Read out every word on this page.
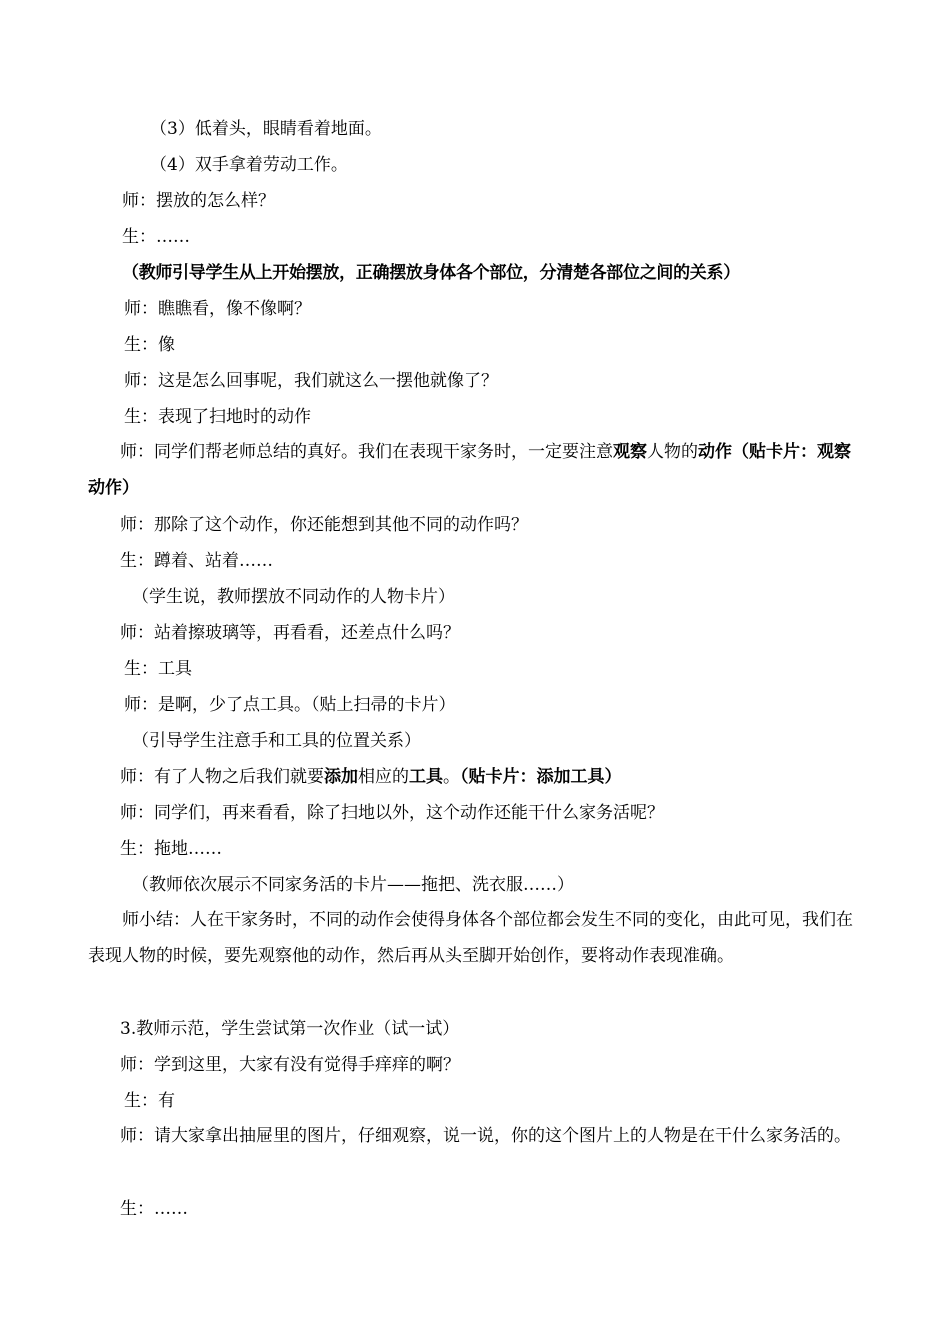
（3）低着头，眼睛看着地面。
（4）双手拿着劳动工作。
师：摆放的怎么样？
生：……
（教师引导学生从上开始摆放，正确摆放身体各个部位，分清楚各部位之间的关系）
师：瞧瞧看，像不像啊？
生：像
师：这是怎么回事呢，我们就这么一摆他就像了？
生：表现了扫地时的动作
师：同学们帮老师总结的真好。我们在表现干家务时，一定要注意观察人物的动作（贴卡片：观察动作）
师：那除了这个动作，你还能想到其他不同的动作吗？
生：蹲着、站着……
（学生说，教师摆放不同动作的人物卡片）
师：站着擦玻璃等，再看看，还差点什么吗？
生：工具
师：是啊，少了点工具。（贴上扫帚的卡片）
（引导学生注意手和工具的位置关系）
师：有了人物之后我们就要添加相应的工具。（贴卡片：添加工具）
师：同学们，再来看看，除了扫地以外，这个动作还能干什么家务活呢？
生：拖地……
（教师依次展示不同家务活的卡片——拖把、洗衣服……）
师小结：人在干家务时，不同的动作会使得身体各个部位都会发生不同的变化，由此可见，我们在表现人物的时候，要先观察他的动作，然后再从头至脚开始创作，要将动作表现准确。
3.教师示范，学生尝试第一次作业（试一试）
师：学到这里，大家有没有觉得手痒痒的啊？
生：有
师：请大家拿出抽屉里的图片，仔细观察，说一说，你的这个图片上的人物是在干什么家务活的。
生：……
